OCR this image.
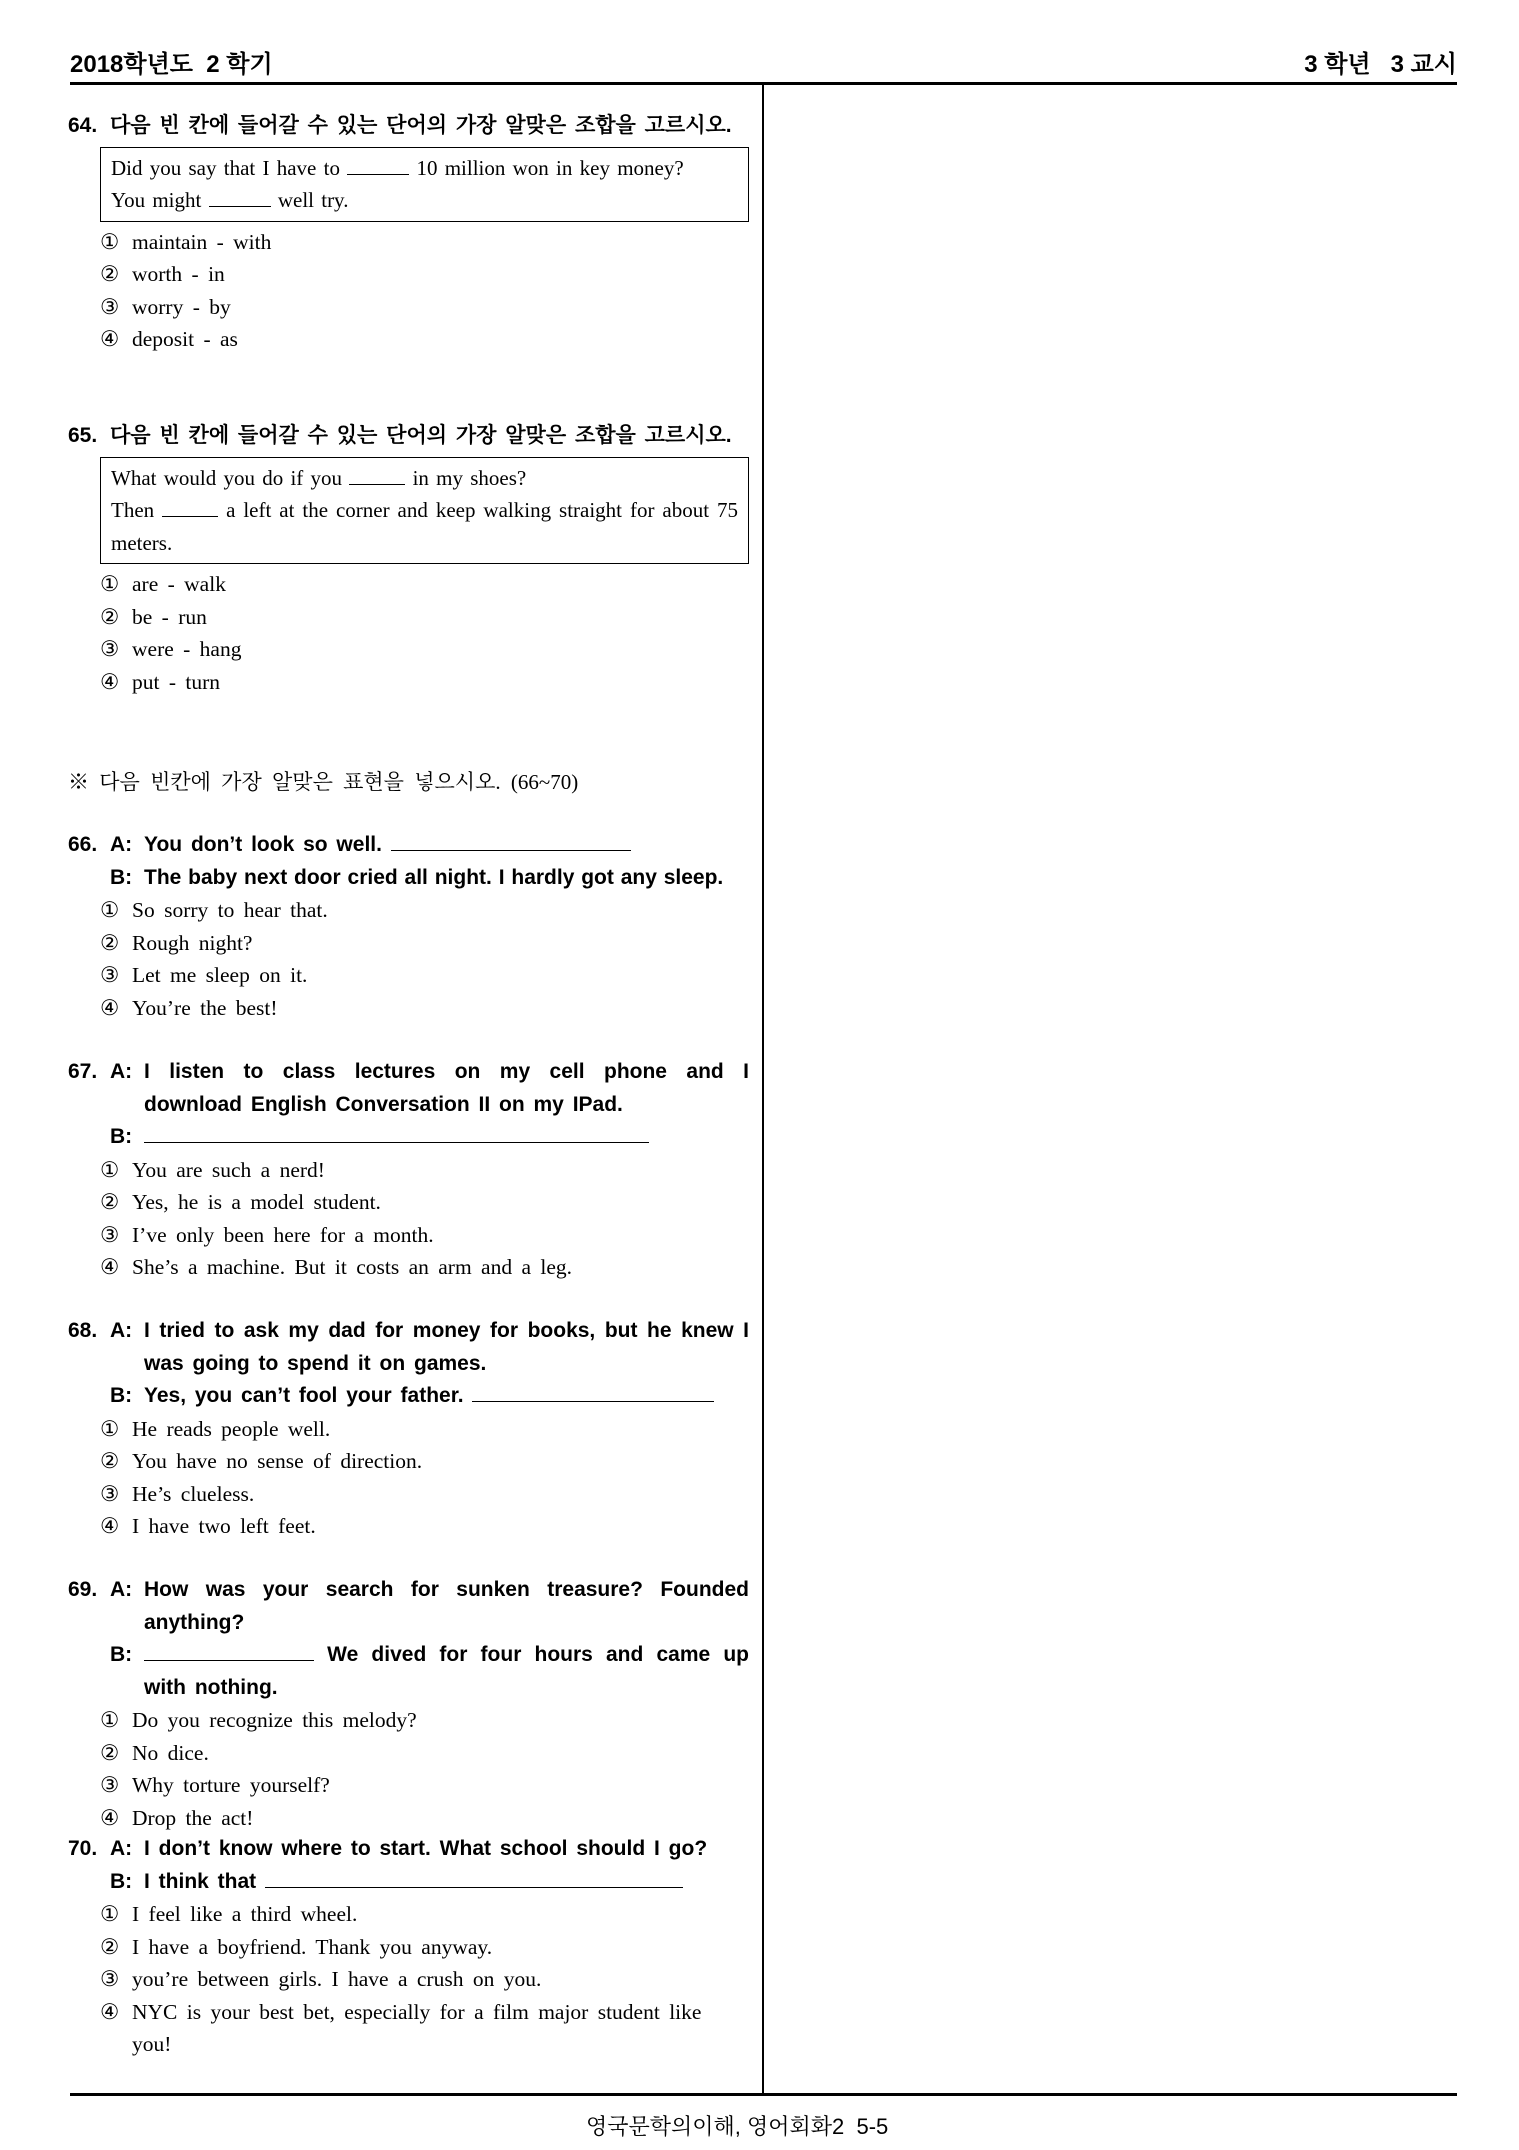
2018학년도  2 학기	3 학년   3 교시
영국문학의이해, 영어회화2  5-5
64. 다음 빈 칸에 들어갈 수 있는 단어의 가장 알맞은 조합을 고르시오.
Did you say that I have to	10 million won in key money?
You might	well try.
① maintain - with
② worth - in
③ worry - by
④ deposit - as
65. 다음 빈 칸에 들어갈 수 있는 단어의 가장 알맞은 조합을 고르시오.
What would you do if you	in my shoes?
Then	a left at the corner and keep walking straight for about 75 meters.
① are - walk
② be - run
③ were - hang
④ put - turn
※ 다음 빈칸에 가장 알맞은 표현을 넣으시오. (66~70)
66. A: You don’t look so well.
B: The baby next door cried all night. I hardly got any sleep.
① So sorry to hear that.
② Rough night?
③ Let me sleep on it.
④ You’re the best!
67. A: I listen to class lectures on my cell phone and I download English Conversation II on my IPad.
B:
① You are such a nerd!
② Yes, he is a model student.
③ I’ve only been here for a month.
④ She’s a machine. But it costs an arm and a leg.
68. A: I tried to ask my dad for money for books, but he knew I was going to spend it on games.
B: Yes, you can’t fool your father.
① He reads people well.
② You have no sense of direction.
③ He’s clueless.
④ I have two left feet.
69. A: How was your search for sunken treasure? Founded anything?
B:	We dived for four hours and came up with nothing.
① Do you recognize this melody?
② No dice.
③ Why torture yourself?
④ Drop the act!
70. A: I don’t know where to start. What school should I go?
B: I think that
① I feel like a third wheel.
② I have a boyfriend. Thank you anyway.
③ you’re between girls. I have a crush on you.
④ NYC is your best bet, especially for a film major student like you!
